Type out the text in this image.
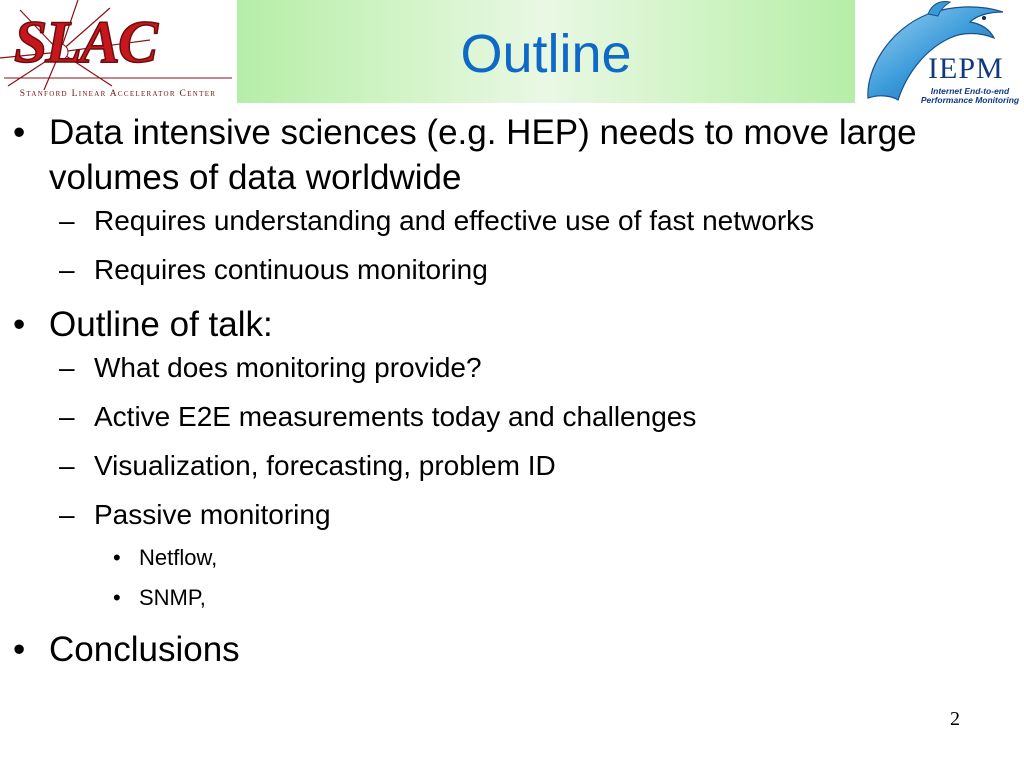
Outline
SLAC
Stanford Linear Accelerator Center
IEPM
Internet End-to-end Performance Monitoring
• Data intensive sciences (e.g. HEP) needs to move large volumes of data worldwide
– Requires understanding and effective use of fast networks
– Requires continuous monitoring
• Outline of talk:
– What does monitoring provide?
– Active E2E measurements today and challenges
– Visualization, forecasting, problem ID
– Passive monitoring
• Netflow,
• SNMP,
• Conclusions
2
